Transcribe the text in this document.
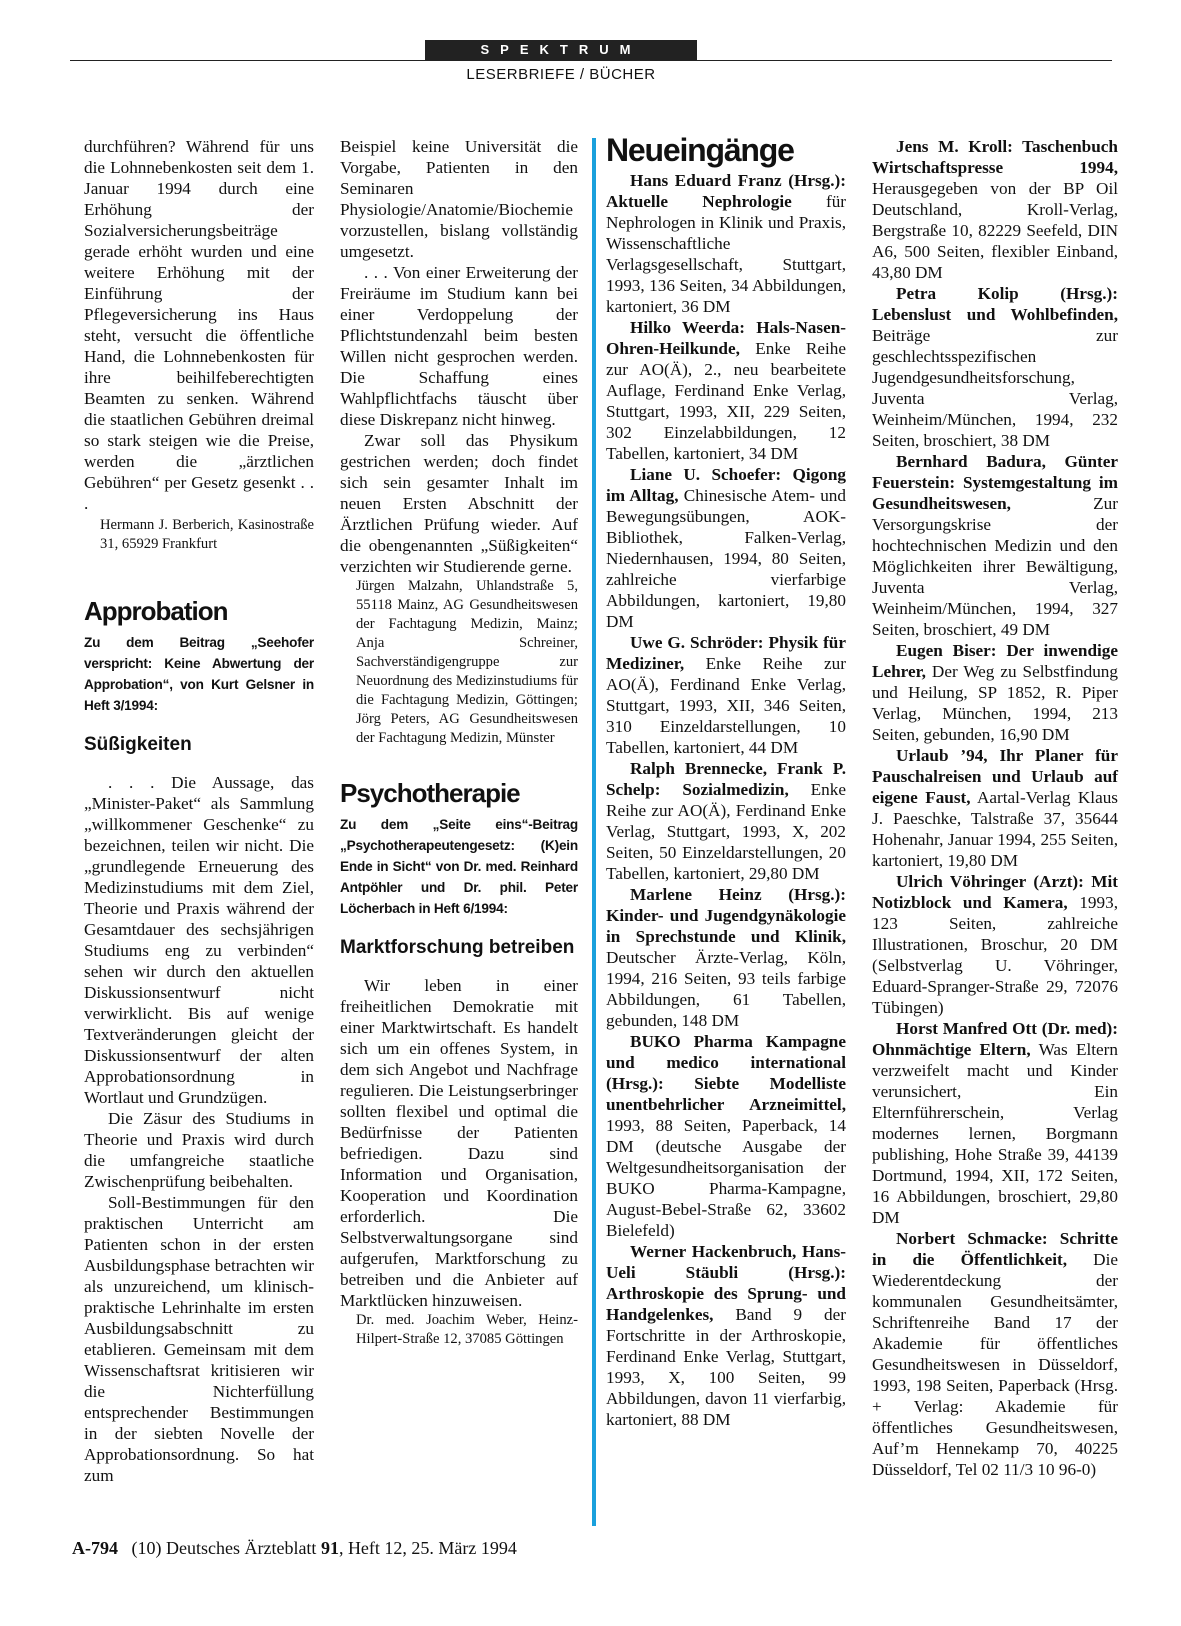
SPEKTRUM
LESERBRIEFE / BÜCHER

durchführen? Während für uns die Lohnnebenkosten seit dem 1. Januar 1994 durch eine Erhöhung der Sozialversicherungsbeiträge gerade erhöht wurden und eine weitere Erhöhung mit der Einführung der Pflegeversicherung ins Haus steht, versucht die öffentliche Hand, die Lohnnebenkosten für ihre beihilfeberechtigten Beamten zu senken. Während die staatlichen Gebühren dreimal so stark steigen wie die Preise, werden die „ärztlichen Gebühren“ per Gesetz gesenkt . . .

Hermann J. Berberich, Kasinostraße 31, 65929 Frankfurt

Approbation

Zu dem Beitrag „Seehofer verspricht: Keine Abwertung der Approbation“, von Kurt Gelsner in Heft 3/1994:

Süßigkeiten

. . . Die Aussage, das „Minister-Paket“ als Sammlung „willkommener Geschenke“ zu bezeichnen, teilen wir nicht. Die „grundlegende Erneuerung des Medizinstudiums mit dem Ziel, Theorie und Praxis während der Gesamtdauer des sechsjährigen Studiums eng zu verbinden“ sehen wir durch den aktuellen Diskussionsentwurf nicht verwirklicht. Bis auf wenige Textveränderungen gleicht der Diskussionsentwurf der alten Approbationsordnung in Wortlaut und Grundzügen.

Die Zäsur des Studiums in Theorie und Praxis wird durch die umfangreiche staatliche Zwischenprüfung beibehalten.

Soll-Bestimmungen für den praktischen Unterricht am Patienten schon in der ersten Ausbildungsphase betrachten wir als unzureichend, um klinisch-praktische Lehrinhalte im ersten Ausbildungsabschnitt zu etablieren. Gemeinsam mit dem Wissenschaftsrat kritisieren wir die Nichterfüllung entsprechender Bestimmungen in der siebten Novelle der Approbationsordnung. So hat zum

Beispiel keine Universität die Vorgabe, Patienten in den Seminaren Physiologie/Anatomie/Biochemie vorzustellen, bislang vollständig umgesetzt.

. . . Von einer Erweiterung der Freiräume im Studium kann bei einer Verdoppelung der Pflichtstundenzahl beim besten Willen nicht gesprochen werden. Die Schaffung eines Wahlpflichtfachs täuscht über diese Diskrepanz nicht hinweg.

Zwar soll das Physikum gestrichen werden; doch findet sich sein gesamter Inhalt im neuen Ersten Abschnitt der Ärztlichen Prüfung wieder. Auf die obengenannten „Süßigkeiten“ verzichten wir Studierende gerne.

Jürgen Malzahn, Uhlandstraße 5, 55118 Mainz, AG Gesundheitswesen der Fachtagung Medizin, Mainz; Anja Schreiner, Sachverständigengruppe zur Neuordnung des Medizinstudiums für die Fachtagung Medizin, Göttingen; Jörg Peters, AG Gesundheitswesen der Fachtagung Medizin, Münster

Psychotherapie

Zu dem „Seite eins“-Beitrag „Psychotherapeutengesetz: (K)ein Ende in Sicht“ von Dr. med. Reinhard Antpöhler und Dr. phil. Peter Löcherbach in Heft 6/1994:

Marktforschung betreiben

Wir leben in einer freiheitlichen Demokratie mit einer Marktwirtschaft. Es handelt sich um ein offenes System, in dem sich Angebot und Nachfrage regulieren. Die Leistungserbringer sollten flexibel und optimal die Bedürfnisse der Patienten befriedigen. Dazu sind Information und Organisation, Kooperation und Koordination erforderlich. Die Selbstverwaltungsorgane sind aufgerufen, Marktforschung zu betreiben und die Anbieter auf Marktlücken hinzuweisen.

Dr. med. Joachim Weber, Heinz-Hilpert-Straße 12, 37085 Göttingen

Neueingänge

Hans Eduard Franz (Hrsg.): Aktuelle Nephrologie für Nephrologen in Klinik und Praxis, Wissenschaftliche Verlagsgesellschaft, Stuttgart, 1993, 136 Seiten, 34 Abbildungen, kartoniert, 36 DM

Hilko Weerda: Hals-Nasen-Ohren-Heilkunde, Enke Reihe zur AO(Ä), 2., neu bearbeitete Auflage, Ferdinand Enke Verlag, Stuttgart, 1993, XII, 229 Seiten, 302 Einzelabbildungen, 12 Tabellen, kartoniert, 34 DM

Liane U. Schoefer: Qigong im Alltag, Chinesische Atem- und Bewegungsübungen, AOK-Bibliothek, Falken-Verlag, Niedernhausen, 1994, 80 Seiten, zahlreiche vierfarbige Abbildungen, kartoniert, 19,80 DM

Uwe G. Schröder: Physik für Mediziner, Enke Reihe zur AO(Ä), Ferdinand Enke Verlag, Stuttgart, 1993, XII, 346 Seiten, 310 Einzeldarstellungen, 10 Tabellen, kartoniert, 44 DM

Ralph Brennecke, Frank P. Schelp: Sozialmedizin, Enke Reihe zur AO(Ä), Ferdinand Enke Verlag, Stuttgart, 1993, X, 202 Seiten, 50 Einzeldarstellungen, 20 Tabellen, kartoniert, 29,80 DM

Marlene Heinz (Hrsg.): Kinder- und Jugendgynäkologie in Sprechstunde und Klinik, Deutscher Ärzte-Verlag, Köln, 1994, 216 Seiten, 93 teils farbige Abbildungen, 61 Tabellen, gebunden, 148 DM

BUKO Pharma Kampagne und medico international (Hrsg.): Siebte Modelliste unentbehrlicher Arzneimittel, 1993, 88 Seiten, Paperback, 14 DM (deutsche Ausgabe der Weltgesundheitsorganisation der BUKO Pharma-Kampagne, August-Bebel-Straße 62, 33602 Bielefeld)

Werner Hackenbruch, Hans-Ueli Stäubli (Hrsg.): Arthroskopie des Sprung- und Handgelenkes, Band 9 der Fortschritte in der Arthroskopie, Ferdinand Enke Verlag, Stuttgart, 1993, X, 100 Seiten, 99 Abbildungen, davon 11 vierfarbig, kartoniert, 88 DM

Jens M. Kroll: Taschenbuch Wirtschaftspresse 1994, Herausgegeben von der BP Oil Deutschland, Kroll-Verlag, Bergstraße 10, 82229 Seefeld, DIN A6, 500 Seiten, flexibler Einband, 43,80 DM

Petra Kolip (Hrsg.): Lebenslust und Wohlbefinden, Beiträge zur geschlechtsspezifischen Jugendgesundheitsforschung, Juventa Verlag, Weinheim/München, 1994, 232 Seiten, broschiert, 38 DM

Bernhard Badura, Günter Feuerstein: Systemgestaltung im Gesundheitswesen,	Zur Versorgungskrise der hochtechnischen Medizin und den Möglichkeiten ihrer Bewältigung, Juventa Verlag, Weinheim/München, 1994, 327 Seiten, broschiert, 49 DM

Eugen Biser: Der inwendige Lehrer, Der Weg zu Selbstfindung und Heilung, SP 1852, R. Piper Verlag, München, 1994, 213 Seiten, gebunden, 16,90 DM

Urlaub ’94, Ihr Planer für Pauschalreisen und Urlaub auf eigene Faust, Aartal-Verlag Klaus J. Paeschke, Talstraße 37, 35644 Hohenahr, Januar 1994, 255 Seiten, kartoniert, 19,80 DM

Ulrich Vöhringer (Arzt): Mit Notizblock und Kamera, 1993, 123 Seiten, zahlreiche Illustrationen, Broschur, 20 DM (Selbstverlag U. Vöhringer, Eduard-Spranger-Straße 29, 72076 Tübingen)

Horst Manfred Ott (Dr. med): Ohnmächtige Eltern, Was Eltern verzweifelt macht und Kinder verunsichert, Ein Elternführerschein, Verlag modernes lernen, Borgmann publishing, Hohe Straße 39, 44139 Dortmund, 1994, XII, 172 Seiten, 16 Abbildungen, broschiert, 29,80 DM

Norbert Schmacke: Schritte in die Öffentlichkeit, Die Wiederentdeckung der kommunalen Gesundheitsämter, Schriftenreihe Band 17 der Akademie für öffentliches Gesundheitswesen in Düsseldorf, 1993, 198 Seiten, Paperback (Hrsg. + Verlag: Akademie für öffentliches Gesundheitswesen, Auf’m Hennekamp 70, 40225 Düsseldorf, Tel 02 11/3 10 96-0)

A-794 (10) Deutsches Ärzteblatt 91, Heft 12, 25. März 1994
